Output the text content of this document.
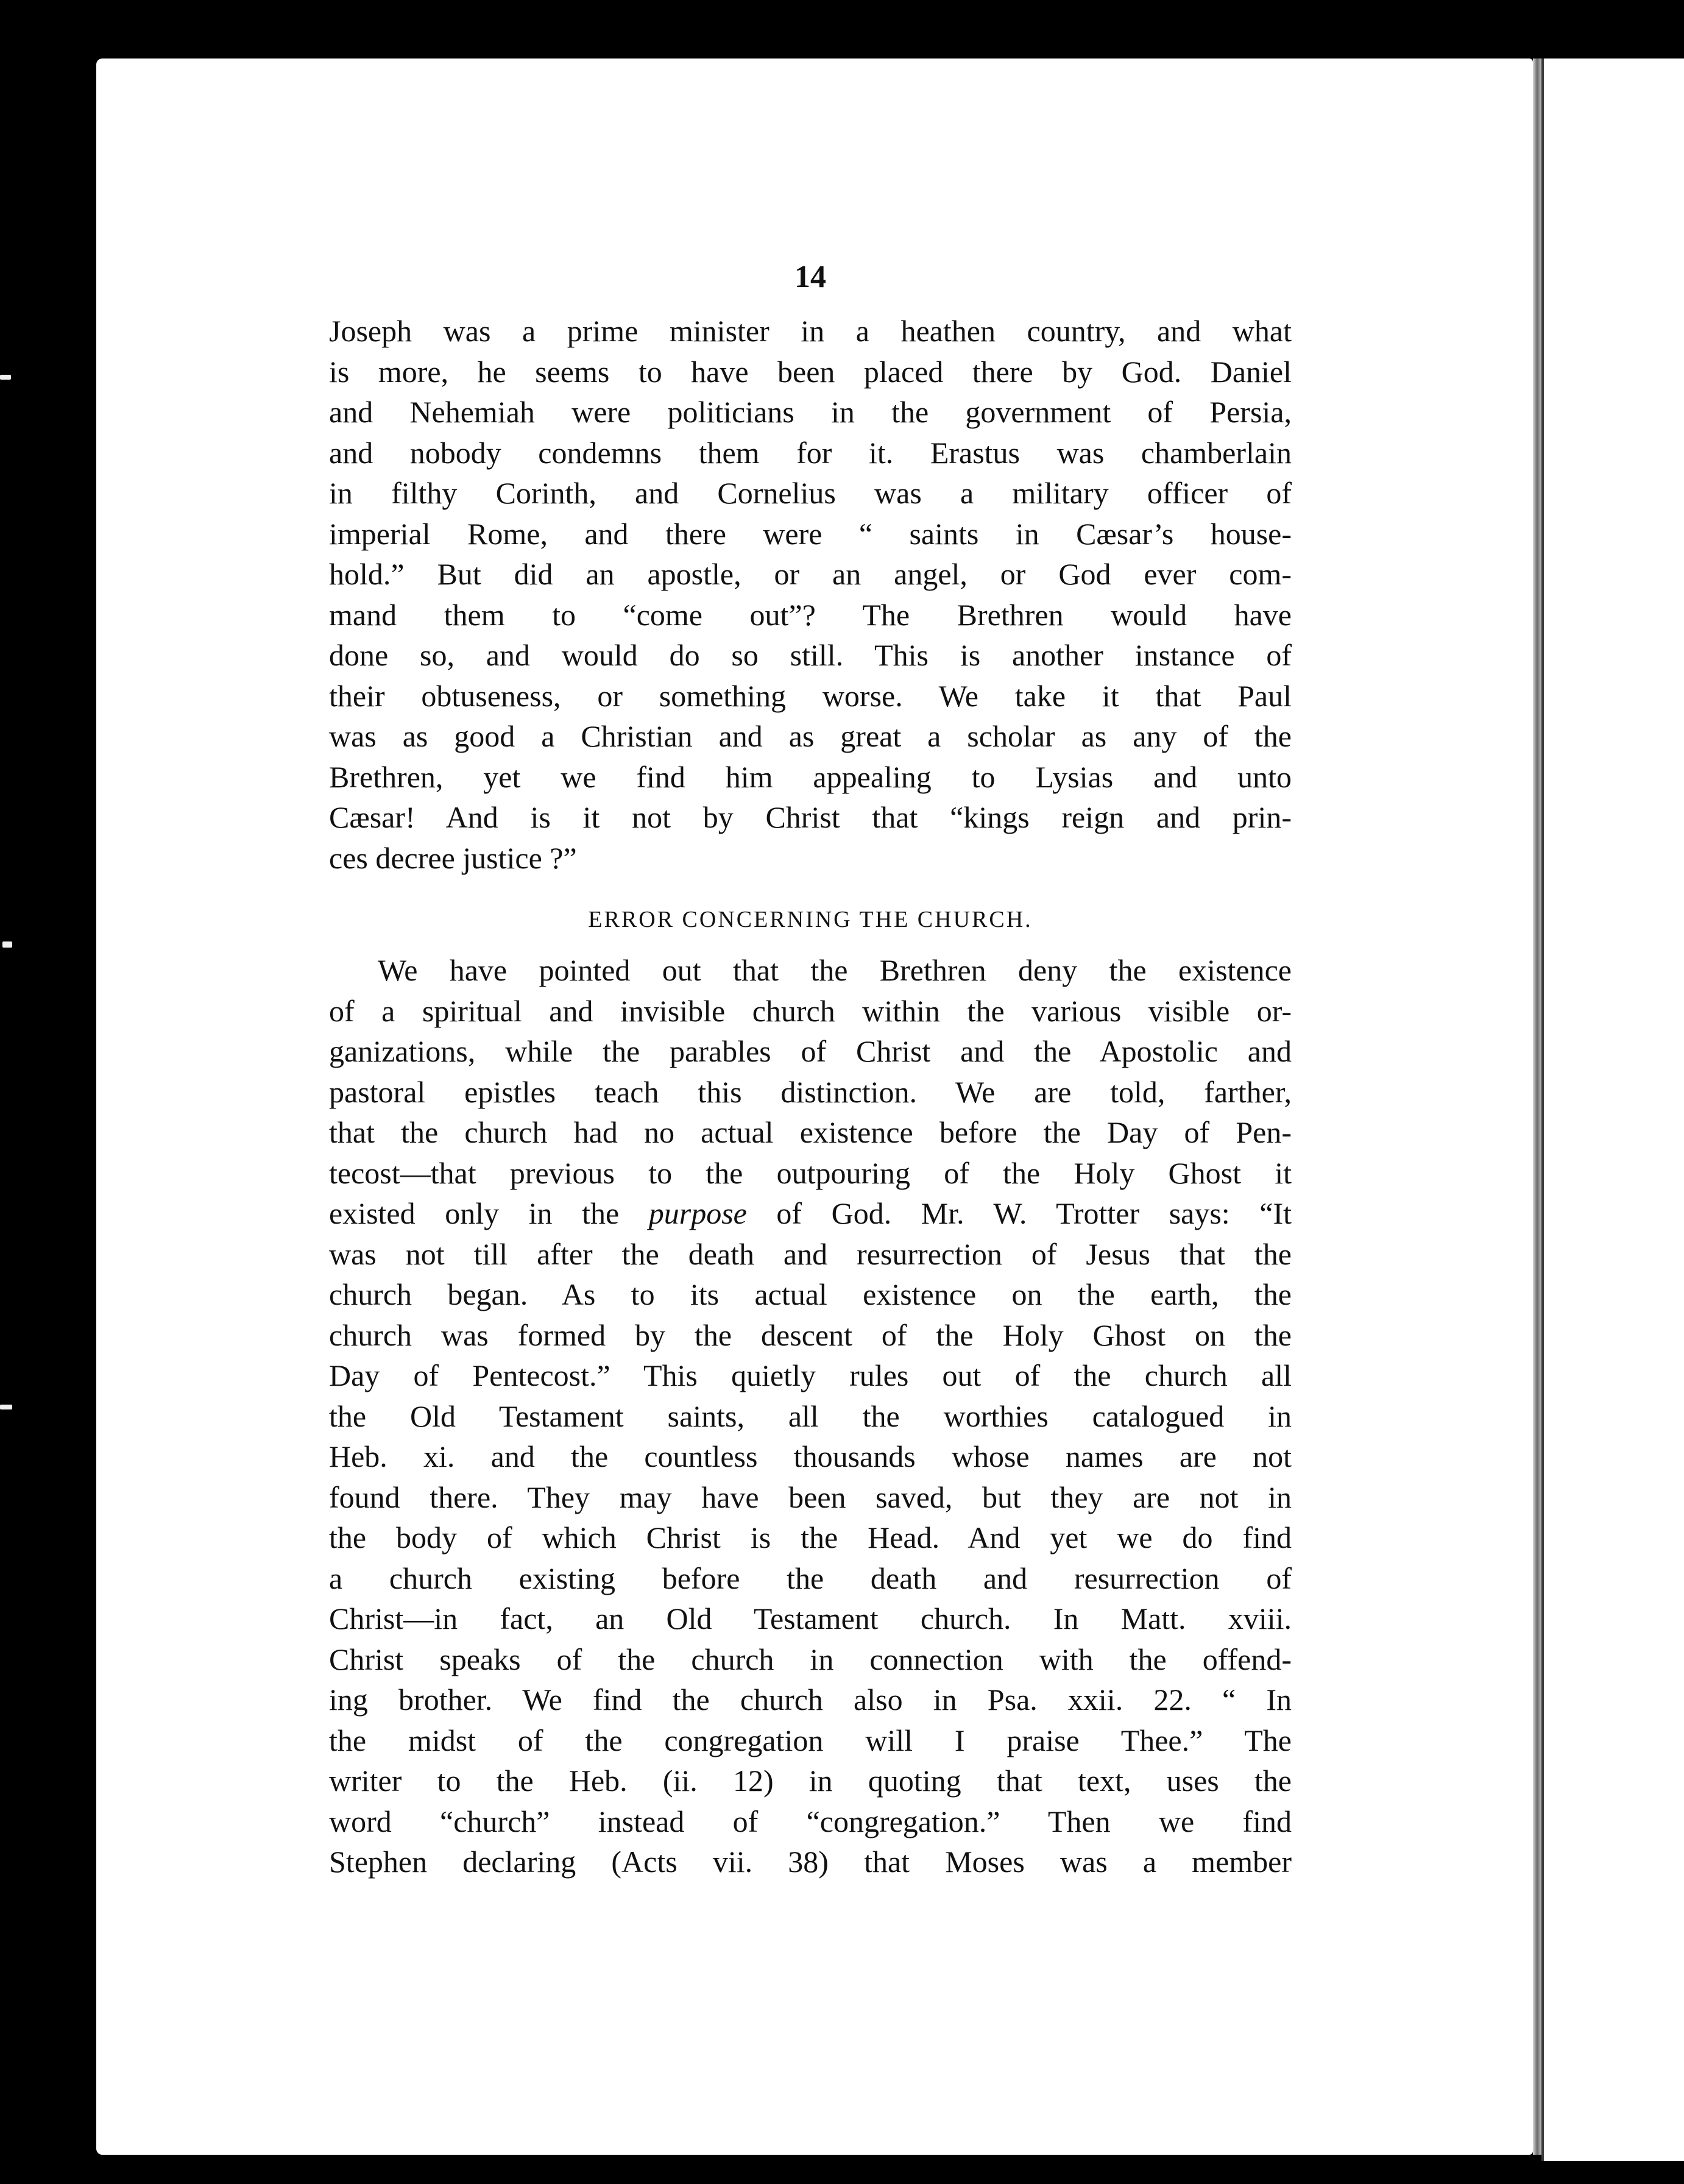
14
Joseph was a prime minister in a heathen country, and what
is more, he seems to have been placed there by God. Daniel
and Nehemiah were politicians in the government of Persia,
and nobody condemns them for it. Erastus was chamberlain
in filthy Corinth, and Cornelius was a military officer of
imperial Rome, and there were “ saints in Cæsar’s house-
hold.” But did an apostle, or an angel, or God ever com-
mand them to “come out”? The Brethren would have
done so, and would do so still. This is another instance of
their obtuseness, or something worse. We take it that Paul
was as good a Christian and as great a scholar as any of the
Brethren, yet we find him appealing to Lysias and unto
Cæsar! And is it not by Christ that “kings reign and prin-
ces decree justice ?”
ERROR CONCERNING THE CHURCH.
We have pointed out that the Brethren deny the existence
of a spiritual and invisible church within the various visible or-
ganizations, while the parables of Christ and the Apostolic and
pastoral epistles teach this distinction. We are told, farther,
that the church had no actual existence before the Day of Pen-
tecost—that previous to the outpouring of the Holy Ghost it
existed only in the purpose of God. Mr. W. Trotter says: “It
was not till after the death and resurrection of Jesus that the
church began. As to its actual existence on the earth, the
church was formed by the descent of the Holy Ghost on the
Day of Pentecost.” This quietly rules out of the church all
the Old Testament saints, all the worthies catalogued in
Heb. xi. and the countless thousands whose names are not
found there. They may have been saved, but they are not in
the body of which Christ is the Head. And yet we do find
a church existing before the death and resurrection of
Christ—in fact, an Old Testament church. In Matt. xviii.
Christ speaks of the church in connection with the offend-
ing brother. We find the church also in Psa. xxii. 22. “ In
the midst of the congregation will I praise Thee.” The
writer to the Heb. (ii. 12) in quoting that text, uses the
word “church” instead of “congregation.” Then we find
Stephen declaring (Acts vii. 38) that Moses was a member
